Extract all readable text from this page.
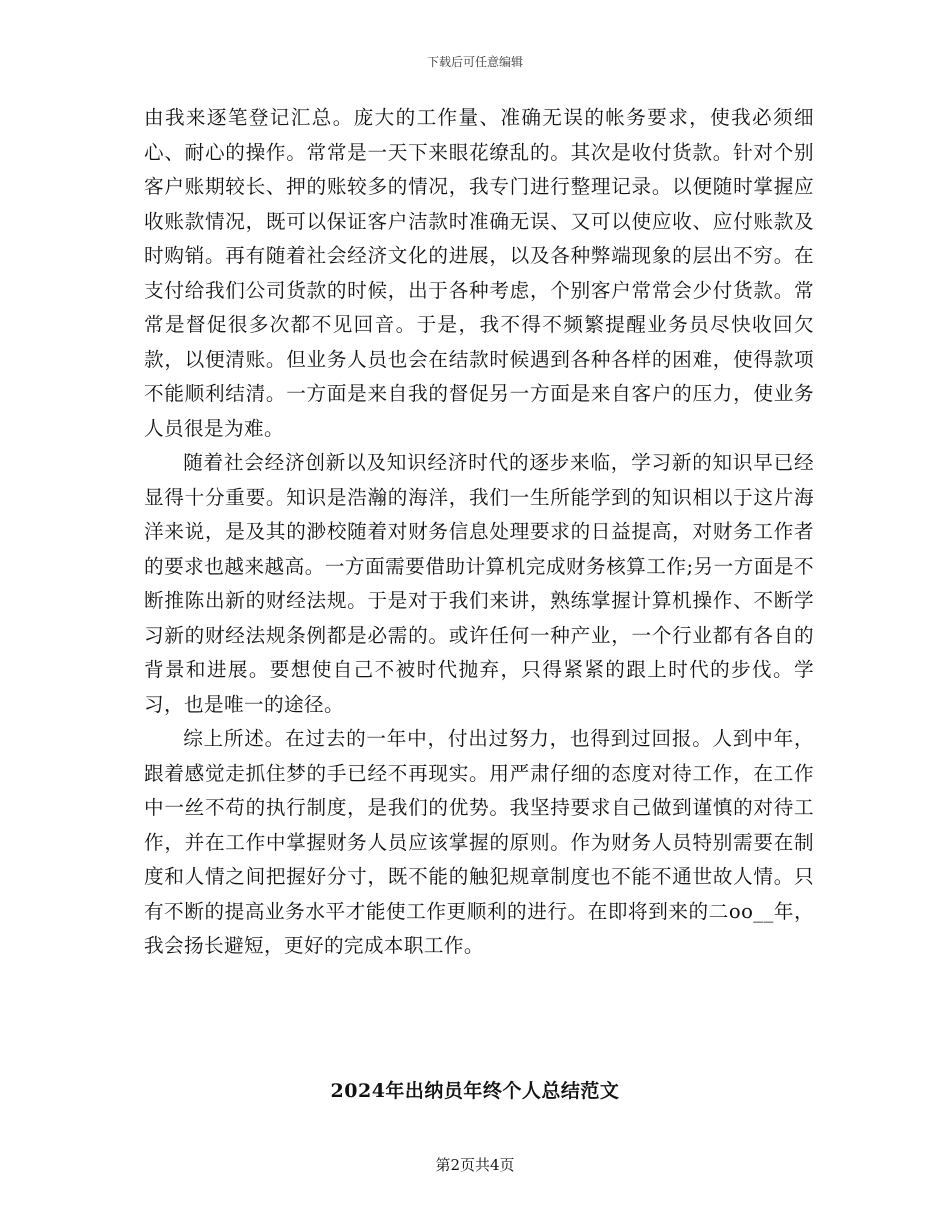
下载后可任意编辑

由我来逐笔登记汇总。庞大的工作量、准确无误的帐务要求，使我必须细心、耐心的操作。常常是一天下来眼花缭乱的。其次是收付货款。针对个别客户账期较长、押的账较多的情况，我专门进行整理记录。以便随时掌握应收账款情况，既可以保证客户洁款时准确无误、又可以使应收、应付账款及时购销。再有随着社会经济文化的进展，以及各种弊端现象的层出不穷。在支付给我们公司货款的时候，出于各种考虑，个别客户常常会少付货款。常常是督促很多次都不见回音。于是，我不得不频繁提醒业务员尽快收回欠款，以便清账。但业务人员也会在结款时候遇到各种各样的困难，使得款项不能顺利结清。一方面是来自我的督促另一方面是来自客户的压力，使业务人员很是为难。

随着社会经济创新以及知识经济时代的逐步来临，学习新的知识早已经显得十分重要。知识是浩瀚的海洋，我们一生所能学到的知识相以于这片海洋来说，是及其的渺校随着对财务信息处理要求的日益提高，对财务工作者的要求也越来越高。一方面需要借助计算机完成财务核算工作;另一方面是不断推陈出新的财经法规。于是对于我们来讲，熟练掌握计算机操作、不断学习新的财经法规条例都是必需的。或许任何一种产业，一个行业都有各自的背景和进展。要想使自己不被时代抛弃，只得紧紧的跟上时代的步伐。学习，也是唯一的途径。

综上所述。在过去的一年中，付出过努力，也得到过回报。人到中年，跟着感觉走抓住梦的手已经不再现实。用严肃仔细的态度对待工作，在工作中一丝不苟的执行制度，是我们的优势。我坚持要求自己做到谨慎的对待工作，并在工作中掌握财务人员应该掌握的原则。作为财务人员特别需要在制度和人情之间把握好分寸，既不能的触犯规章制度也不能不通世故人情。只有不断的提高业务水平才能使工作更顺利的进行。在即将到来的二oo__年，我会扬长避短，更好的完成本职工作。

2024年出纳员年终个人总结范文
第2页共4页
